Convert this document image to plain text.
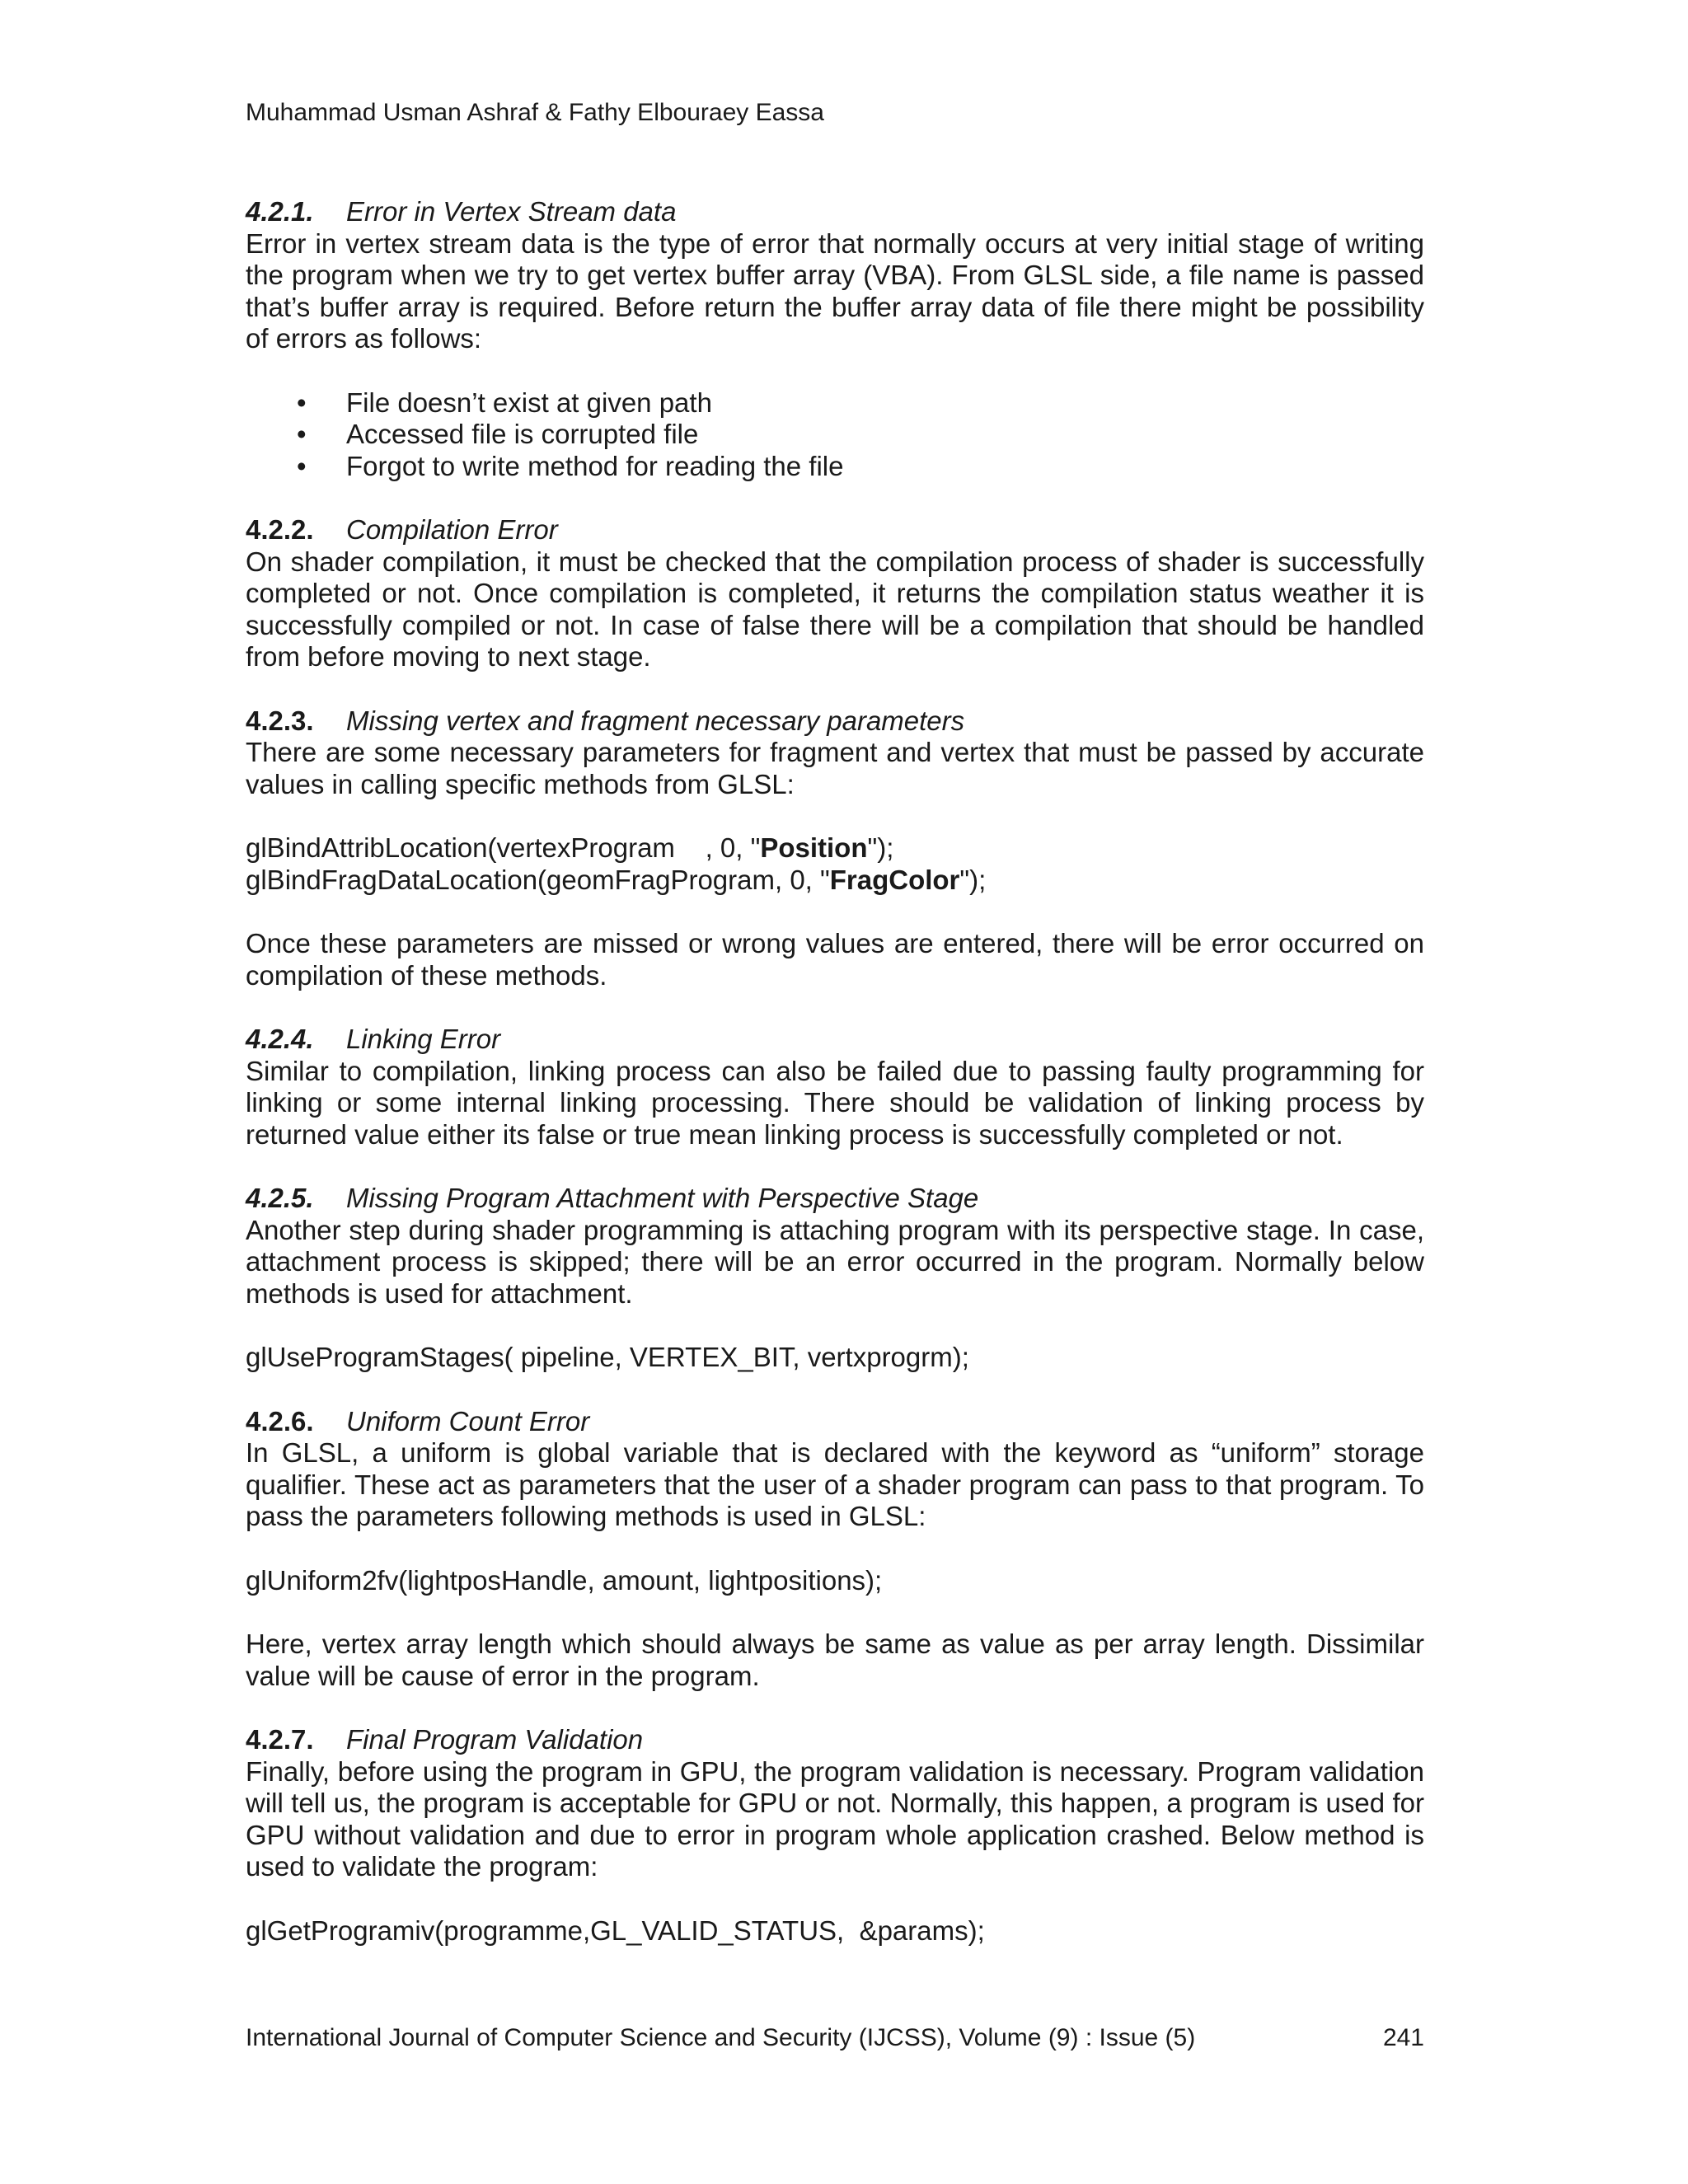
Muhammad Usman Ashraf & Fathy Elbouraey Eassa
4.2.1. Error in Vertex Stream data

Error in vertex stream data is the type of error that normally occurs at very initial stage of writing the program when we try to get vertex buffer array (VBA). From GLSL side, a file name is passed that’s buffer array is required. Before return the buffer array data of file there might be possibility of errors as follows:

• File doesn’t exist at given path
• Accessed file is corrupted file
• Forgot to write method for reading the file
4.2.2. Compilation Error

On shader compilation, it must be checked that the compilation process of shader is successfully completed or not. Once compilation is completed, it returns the compilation status weather it is successfully compiled or not. In case of false there will be a compilation that should be handled from before moving to next stage.

4.2.3. Missing vertex and fragment necessary parameters

There are some necessary parameters for fragment and vertex that must be passed by accurate values in calling specific methods from GLSL:

glBindAttribLocation(vertexProgram    , 0, "Position");
glBindFragDataLocation(geomFragProgram, 0, "FragColor");

Once these parameters are missed or wrong values are entered, there will be error occurred on compilation of these methods.

4.2.4. Linking Error

Similar to compilation, linking process can also be failed due to passing faulty programming for linking or some internal linking processing. There should be validation of linking process by returned value either its false or true mean linking process is successfully completed or not.

4.2.5. Missing Program Attachment with Perspective Stage

Another step during shader programming is attaching program with its perspective stage. In case, attachment process is skipped; there will be an error occurred in the program. Normally below methods is used for attachment.

glUseProgramStages( pipeline, VERTEX_BIT, vertxprogrm);
4.2.6. Uniform Count Error

In GLSL, a uniform is global variable that is declared with the keyword as “uniform” storage qualifier. These act as parameters that the user of a shader program can pass to that program. To pass the parameters following methods is used in GLSL:

glUniform2fv(lightposHandle, amount, lightpositions);

Here, vertex array length which should always be same as value as per array length. Dissimilar value will be cause of error in the program.

4.2.7. Final Program Validation

Finally, before using the program in GPU, the program validation is necessary. Program validation will tell us, the program is acceptable for GPU or not. Normally, this happen, a program is used for GPU without validation and due to error in program whole application crashed. Below method is used to validate the program:

glGetProgramiv(programme,GL_VALID_STATUS,  &params);
International Journal of Computer Science and Security (IJCSS), Volume (9) : Issue (5)	241
